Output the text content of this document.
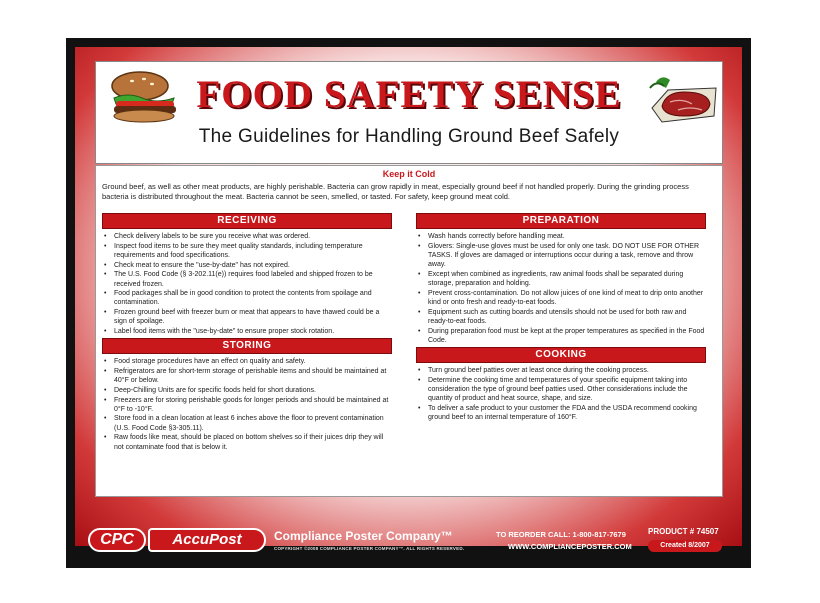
FOOD SAFETY SENSE
The Guidelines for Handling Ground Beef Safely
Keep it Cold
Ground beef, as well as other meat products, are highly perishable. Bacteria can grow rapidly in meat, especially ground beef if not handled properly. During the grinding process bacteria is distributed throughout the meat. Bacteria cannot be seen, smelled, or tasted. For safety, keep ground meat cold.
RECEIVING
• Check delivery labels to be sure you receive what was ordered.
• Inspect food items to be sure they meet quality standards, including temperature requirements and food specifications.
• Check meat to ensure the "use-by-date" has not expired.
• The U.S. Food Code (§ 3-202.11(e)) requires food labeled and shipped frozen to be received frozen.
• Food packages shall be in good condition to protect the contents from spoilage and contamination.
• Frozen ground beef with freezer burn or meat that appears to have thawed could be a sign of spoilage.
• Label food items with the "use-by-date" to ensure proper stock rotation.
STORING
• Food storage procedures have an effect on quality and safety.
• Refrigerators are for short-term storage of perishable items and should be maintained at 40°F or below.
• Deep-Chilling Units are for specific foods held for short durations.
• Freezers are for storing perishable goods for longer periods and should be maintained at 0°F to -10°F.
• Store food in a clean location at least 6 inches above the floor to prevent contamination (U.S. Food Code §3-305.11).
• Raw foods like meat, should be placed on bottom shelves so if their juices drip they will not contaminate food that is below it.
PREPARATION
• Wash hands correctly before handling meat.
• Glovers: Single-use gloves must be used for only one task. DO NOT USE FOR OTHER TASKS. If gloves are damaged or interruptions occur during a task, remove and throw away.
• Except when combined as ingredients, raw animal foods shall be separated during storage, preparation and holding.
• Prevent cross-contamination. Do not allow juices of one kind of meat to drip onto another kind or onto fresh and ready-to-eat foods.
• Equipment such as cutting boards and utensils should not be used for both raw and ready-to-eat foods.
• During preparation food must be kept at the proper temperatures as specified in the Food Code.
COOKING
• Turn ground beef patties over at least once during the cooking process.
• Determine the cooking time and temperatures of your specific equipment taking into consideration the type of ground beef patties used. Other considerations include the quantity of product and heat source, shape, and size.
• To deliver a safe product to your customer the FDA and the USDA recommend cooking ground beef to an internal temperature of 160°F.
CPC	AccuPost	Compliance Poster Company™
COPYRIGHT ©2008 COMPLIANCE POSTER COMPANY™. ALL RIGHTS RESERVED.
TO REORDER CALL: 1-800-817-7679
WWW.COMPLIANCEPOSTER.COM
PRODUCT # 74507
Created 8/2007
